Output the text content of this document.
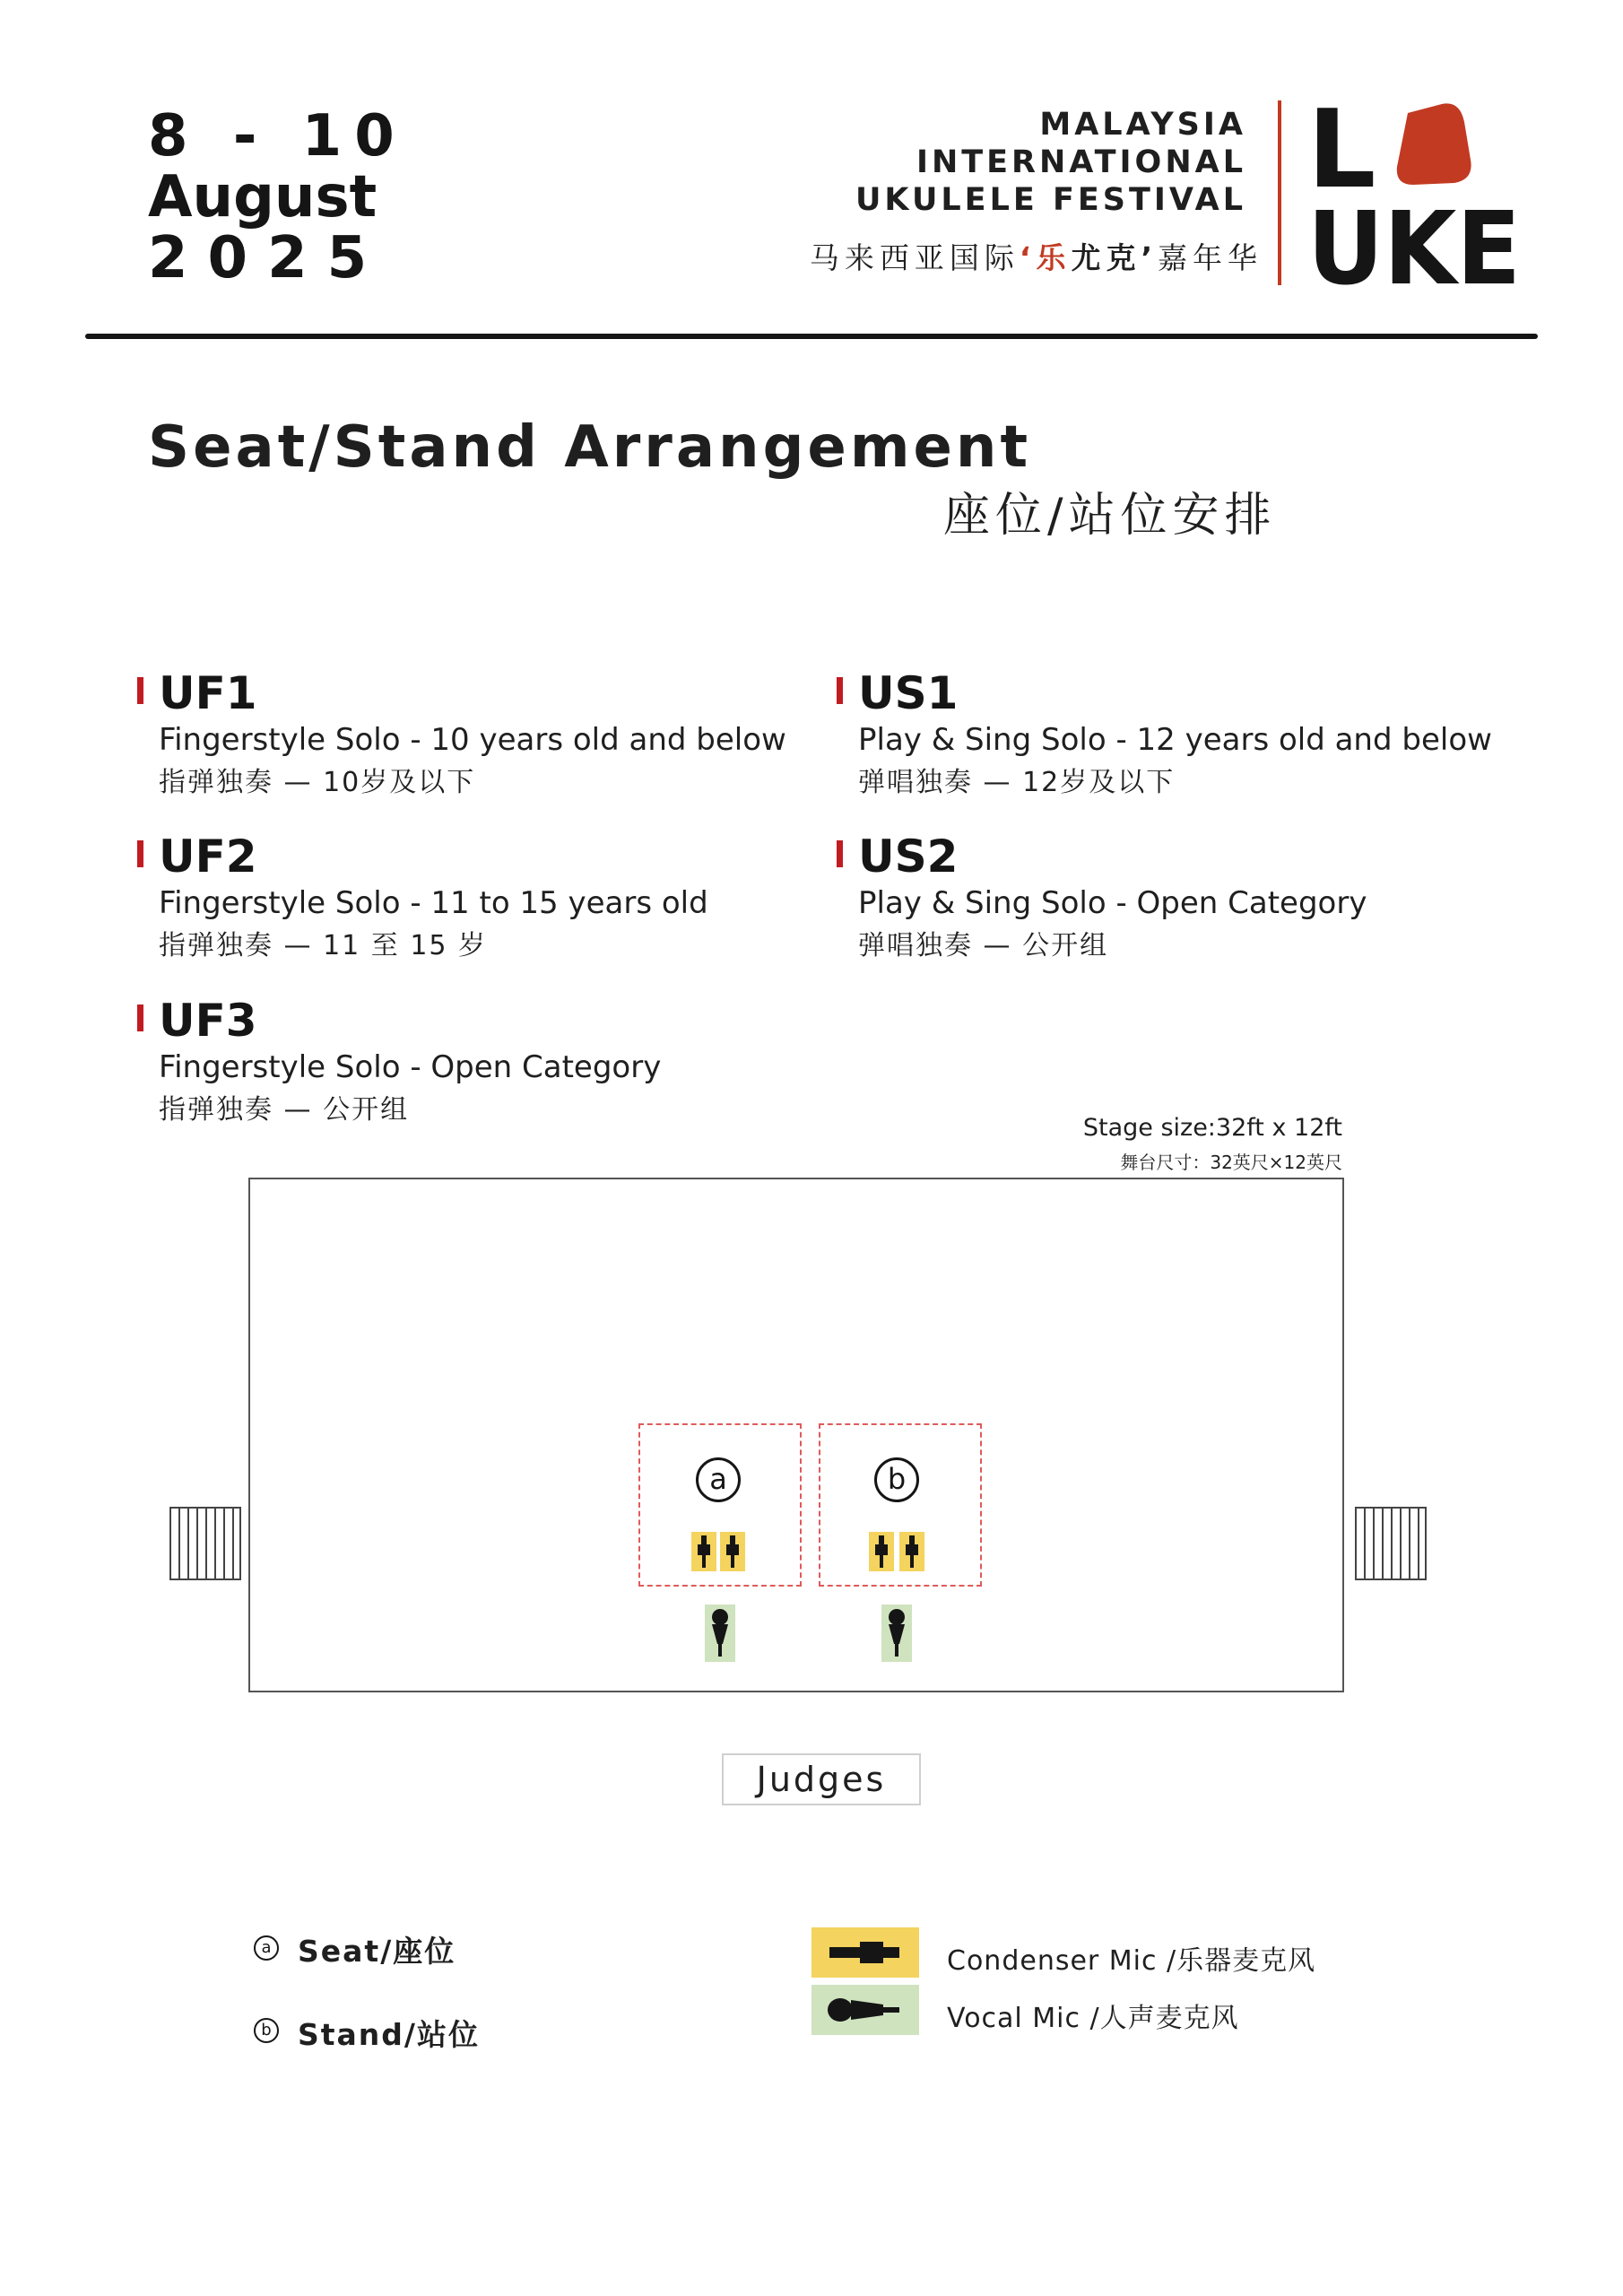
8 - 10
August
2025
MALAYSIA
INTERNATIONAL
UKULELE FESTIVAL
马来西亚国际‘乐尤克’嘉年华
L
UKE
Seat/Stand Arrangement
座位/站位安排
UF1
Fingerstyle Solo - 10 years old and below
指弹独奏 — 10岁及以下
UF2
Fingerstyle Solo - 11 to 15 years old
指弹独奏 — 11 至 15 岁
UF3
Fingerstyle Solo - Open Category
指弹独奏 — 公开组
US1
Play & Sing Solo - 12 years old and below
弹唱独奏 — 12岁及以下
US2
Play & Sing Solo - Open Category
弹唱独奏 — 公开组
Stage size:32ft x 12ft
舞台尺寸：32英尺×12英尺
a	b
Judges
a Seat/座位
b Stand/站位
Condenser Mic /乐器麦克风
Vocal Mic /人声麦克风
